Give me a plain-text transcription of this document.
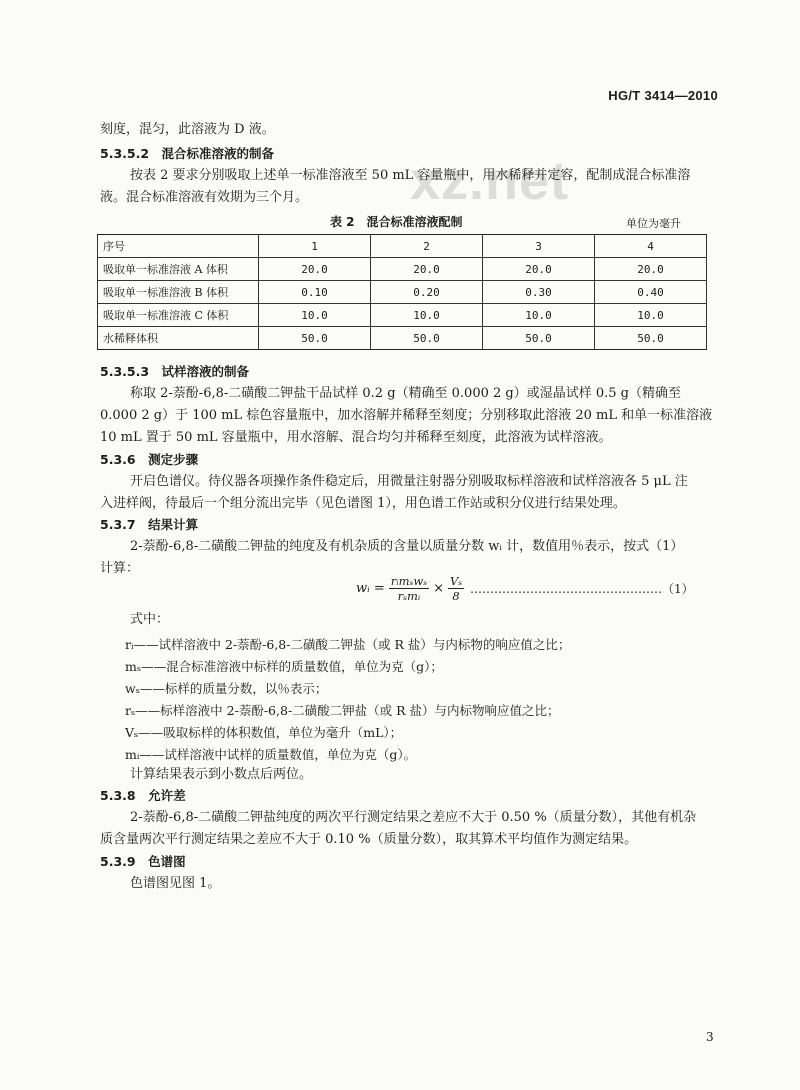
HG/T 3414—2010
xz.net
刻度，混匀，此溶液为 D 液。
5.3.5.2　混合标准溶液的制备
按表 2 要求分别吸取上述单一标准溶液至 50 mL 容量瓶中，用水稀释并定容，配制成混合标准溶
液。混合标准溶液有效期为三个月。
表 2　混合标准溶液配制	单位为毫升
序号	1	2	3	4
吸取单一标准溶液 A 体积	20.0	20.0	20.0	20.0
吸取单一标准溶液 B 体积	0.10	0.20	0.30	0.40
吸取单一标准溶液 C 体积	10.0	10.0	10.0	10.0
水稀释体积	50.0	50.0	50.0	50.0
5.3.5.3　试样溶液的制备
称取 2-萘酚-6,8-二磺酸二钾盐干品试样 0.2 g（精确至 0.000 2 g）或湿晶试样 0.5 g（精确至
0.000 2 g）于 100 mL 棕色容量瓶中，加水溶解并稀释至刻度；分别移取此溶液 20 mL 和单一标准溶液
10 mL 置于 50 mL 容量瓶中，用水溶解、混合均匀并稀释至刻度，此溶液为试样溶液。
5.3.6　测定步骤
开启色谱仪。待仪器各项操作条件稳定后，用微量注射器分别吸取标样溶液和试样溶液各 5 μL 注
入进样阀，待最后一个组分流出完毕（见色谱图 1），用色谱工作站或积分仪进行结果处理。
5.3.7　结果计算
2-萘酚-6,8-二磺酸二钾盐的纯度及有机杂质的含量以质量分数 wᵢ 计，数值用％表示，按式（1）
计算：
wᵢ = $\frac{\text{rᵢmₛwₛ}}{\text{rₛmᵢ}} \times \frac{\text{Vₛ}}{8}$ …………………………………………（1）
式中：
rᵢ——试样溶液中 2-萘酚-6,8-二磺酸二钾盐（或 R 盐）与内标物的响应值之比；
mₛ——混合标准溶液中标样的质量数值，单位为克（g）；
wₛ——标样的质量分数，以％表示；
rₛ——标样溶液中 2-萘酚-6,8-二磺酸二钾盐（或 R 盐）与内标物响应值之比；
Vₛ——吸取标样的体积数值，单位为毫升（mL）；
mᵢ——试样溶液中试样的质量数值，单位为克（g）。
计算结果表示到小数点后两位。
5.3.8　允许差
2-萘酚-6,8-二磺酸二钾盐纯度的两次平行测定结果之差应不大于 0.50 %（质量分数），其他有机杂
质含量两次平行测定结果之差应不大于 0.10 %（质量分数），取其算术平均值作为测定结果。
5.3.9　色谱图
色谱图见图 1。
3
